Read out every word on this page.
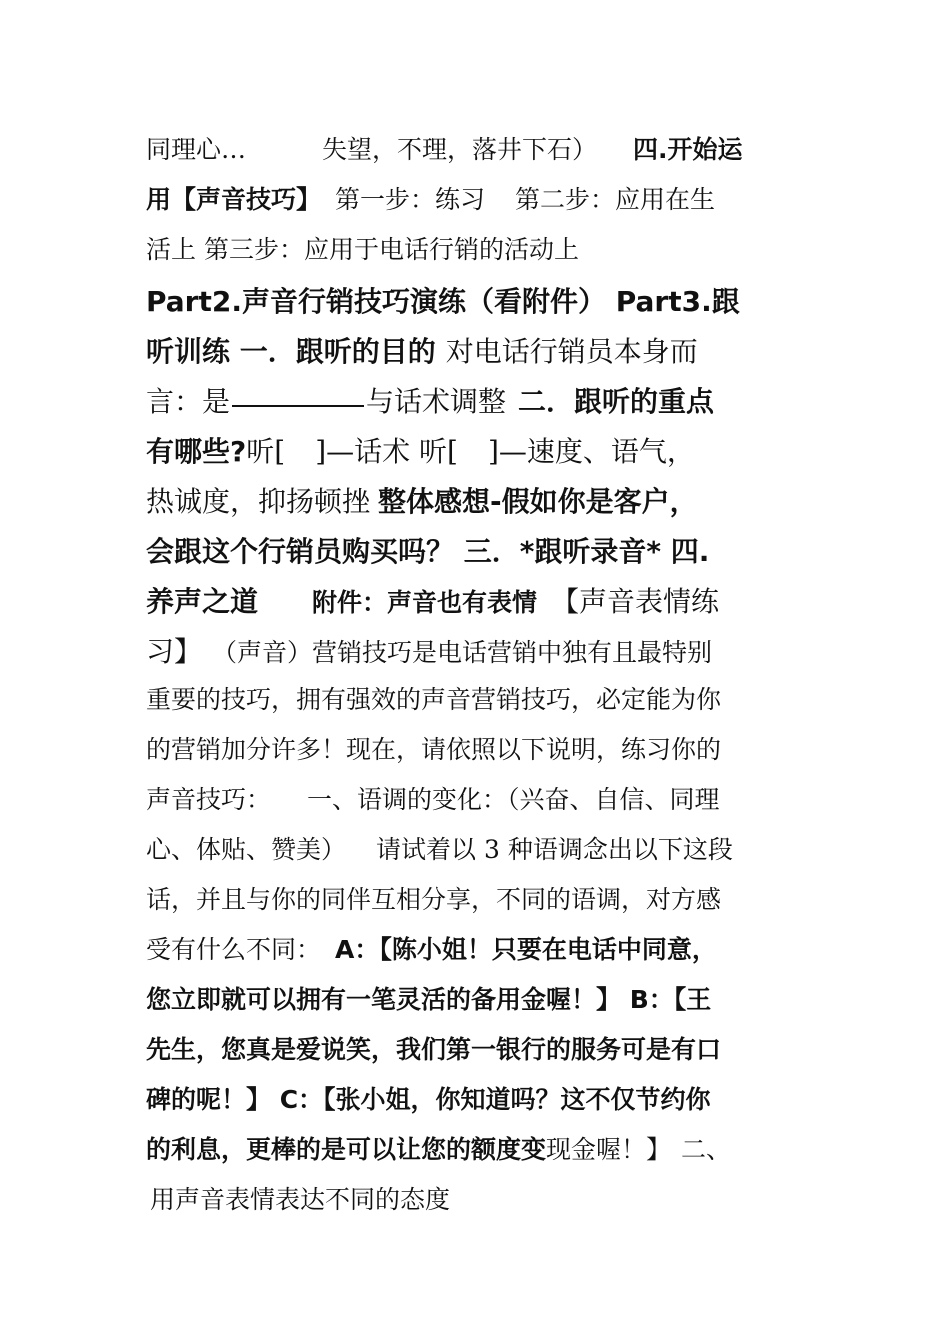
同理心…	失望，不理，落井下石） 四.开始运
用【声音技巧】 第一步：练习 第二步：应用在生
活上 第三步：应用于电话行销的活动上
Part2.声音行销技巧演练（看附件） Part3.跟
听训练 一．跟听的目的 对电话行销员本身而
言：是	与话术调整 二．跟听的重点
有哪些?听[ ]—话术 听[ ]—速度、语气，
热诚度，抑扬顿挫 整体感想-假如你是客户，
会跟这个行销员购买吗？ 三．*跟听录音* 四.
养声之道 附件：声音也有表情 【声音表情练
习】 （声音）营销技巧是电话营销中独有且最特别
重要的技巧，拥有强效的声音营销技巧，必定能为你
的营销加分许多！现在，请依照以下说明，练习你的
声音技巧： 一、语调的变化：（兴奋、自信、同理
心、体贴、赞美） 请试着以 3 种语调念出以下这段
话，并且与你的同伴互相分享，不同的语调，对方感
受有什么不同： A：【陈小姐！只要在电话中同意，
您立即就可以拥有一笔灵活的备用金喔！】 B：【王
先生，您真是爱说笑，我们第一银行的服务可是有口
碑的呢！】 C：【张小姐，你知道吗？这不仅节约你
的利息，更棒的是可以让您的额度变现金喔！】 二、
用声音表情表达不同的态度
